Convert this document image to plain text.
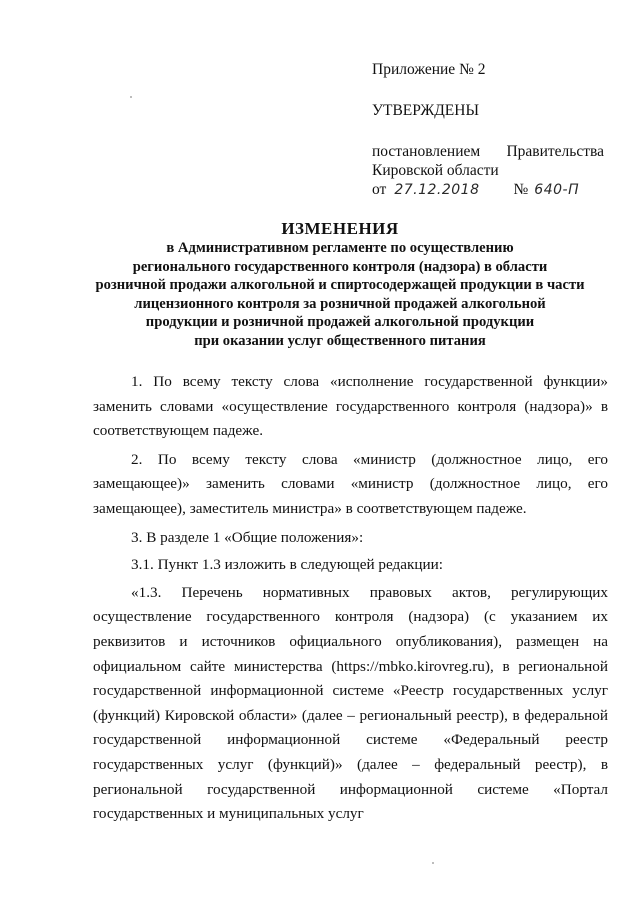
Приложение № 2
УТВЕРЖДЕНЫ
постановлением Правительства
Кировской области
от 27.12.2018 № 640-П
ИЗМЕНЕНИЯ
в Административном регламенте по осуществлению
регионального государственного контроля (надзора) в области
розничной продажи алкогольной и спиртосодержащей продукции в части
лицензионного контроля за розничной продажей алкогольной
продукции и розничной продажей алкогольной продукции
при оказании услуг общественного питания

1. По всему тексту слова «исполнение государственной функции» заменить словами «осуществление государственного контроля (надзора)» в соответствующем падеже.

2. По всему тексту слова «министр (должностное лицо, его замещающее)» заменить словами «министр (должностное лицо, его замещающее), заместитель министра» в соответствующем падеже.

3. В разделе 1 «Общие положения»:

3.1. Пункт 1.3 изложить в следующей редакции:

«1.3. Перечень нормативных правовых актов, регулирующих осуществление государственного контроля (надзора) (с указанием их реквизитов и источников официального опубликования), размещен на официальном сайте министерства (https://mbko.kirovreg.ru), в региональной государственной информационной системе «Реестр государственных услуг (функций) Кировской области» (далее – региональный реестр), в федеральной государственной информационной системе «Федеральный реестр государственных услуг (функций)» (далее – федеральный реестр), в региональной государственной информационной системе «Портал государственных и муниципальных услуг
